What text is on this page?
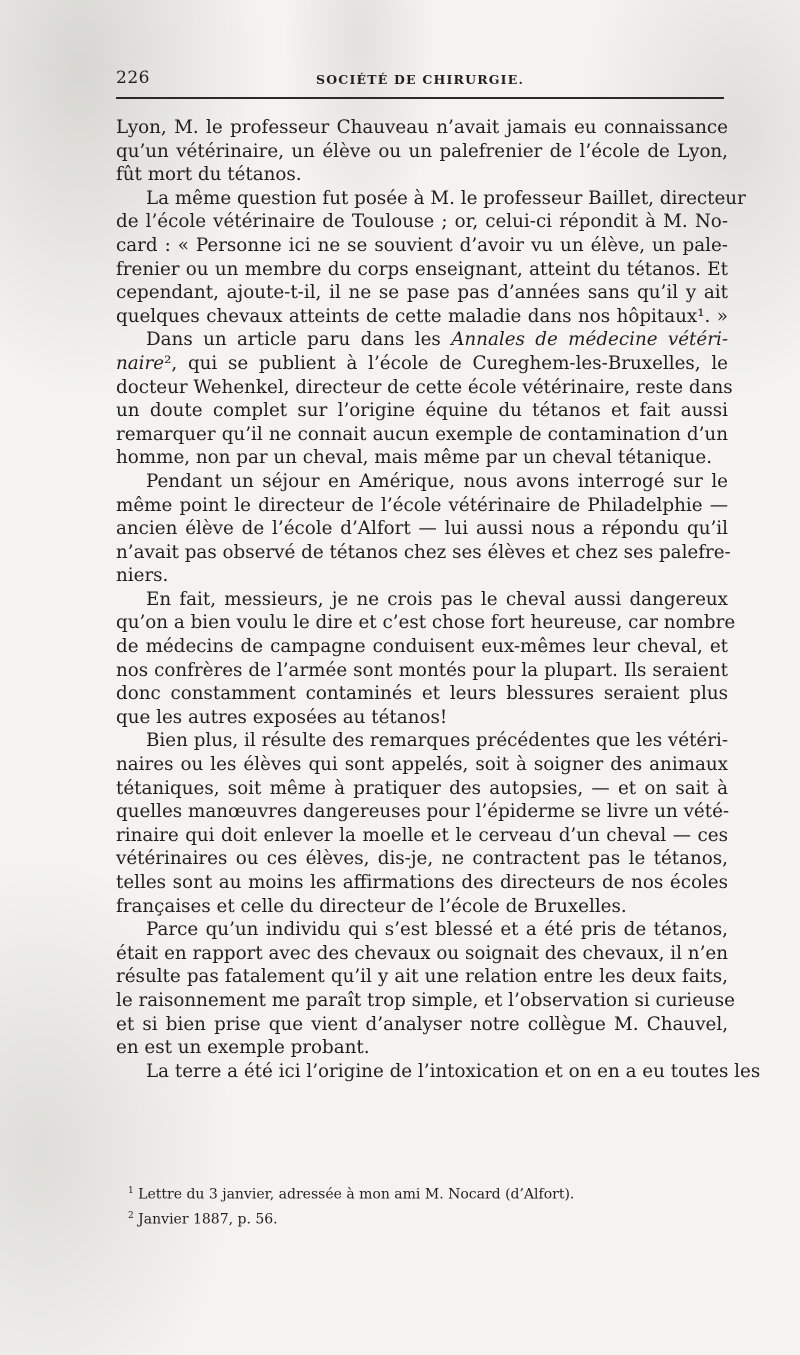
226	SOCIÉTÉ DE CHIRURGIE.
Lyon, M. le professeur Chauveau n’avait jamais eu connaissance
qu’un vétérinaire, un élève ou un palefrenier de l’école de Lyon,
fût mort du tétanos.
La même question fut posée à M. le professeur Baillet, directeur
de l’école vétérinaire de Toulouse ; or, celui-ci répondit à M. No-
card : « Personne ici ne se souvient d’avoir vu un élève, un pale-
frenier ou un membre du corps enseignant, atteint du tétanos. Et
cependant, ajoute-t-il, il ne se pase pas d’années sans qu’il y ait
quelques chevaux atteints de cette maladie dans nos hôpitaux¹. »
Dans un article paru dans les Annales de médecine vétéri-
naire², qui se publient à l’école de Cureghem-les-Bruxelles, le
docteur Wehenkel, directeur de cette école vétérinaire, reste dans
un doute complet sur l’origine équine du tétanos et fait aussi
remarquer qu’il ne connait aucun exemple de contamination d’un
homme, non par un cheval, mais même par un cheval tétanique.
Pendant un séjour en Amérique, nous avons interrogé sur le
même point le directeur de l’école vétérinaire de Philadelphie —
ancien élève de l’école d’Alfort — lui aussi nous a répondu qu’il
n’avait pas observé de tétanos chez ses élèves et chez ses palefre-
niers.
En fait, messieurs, je ne crois pas le cheval aussi dangereux
qu’on a bien voulu le dire et c’est chose fort heureuse, car nombre
de médecins de campagne conduisent eux-mêmes leur cheval, et
nos confrères de l’armée sont montés pour la plupart. Ils seraient
donc constamment contaminés et leurs blessures seraient plus
que les autres exposées au tétanos!
Bien plus, il résulte des remarques précédentes que les vétéri-
naires ou les élèves qui sont appelés, soit à soigner des animaux
tétaniques, soit même à pratiquer des autopsies, — et on sait à
quelles manœuvres dangereuses pour l’épiderme se livre un vété-
rinaire qui doit enlever la moelle et le cerveau d’un cheval — ces
vétérinaires ou ces élèves, dis-je, ne contractent pas le tétanos,
telles sont au moins les affirmations des directeurs de nos écoles
françaises et celle du directeur de l’école de Bruxelles.
Parce qu’un individu qui s’est blessé et a été pris de tétanos,
était en rapport avec des chevaux ou soignait des chevaux, il n’en
résulte pas fatalement qu’il y ait une relation entre les deux faits,
le raisonnement me paraît trop simple, et l’observation si curieuse
et si bien prise que vient d’analyser notre collègue M. Chauvel,
en est un exemple probant.
La terre a été ici l’origine de l’intoxication et on en a eu toutes les
$^1$ Lettre du 3 janvier, adressée à mon ami M. Nocard (d’Alfort).
$^2$ Janvier 1887, p. 56.
